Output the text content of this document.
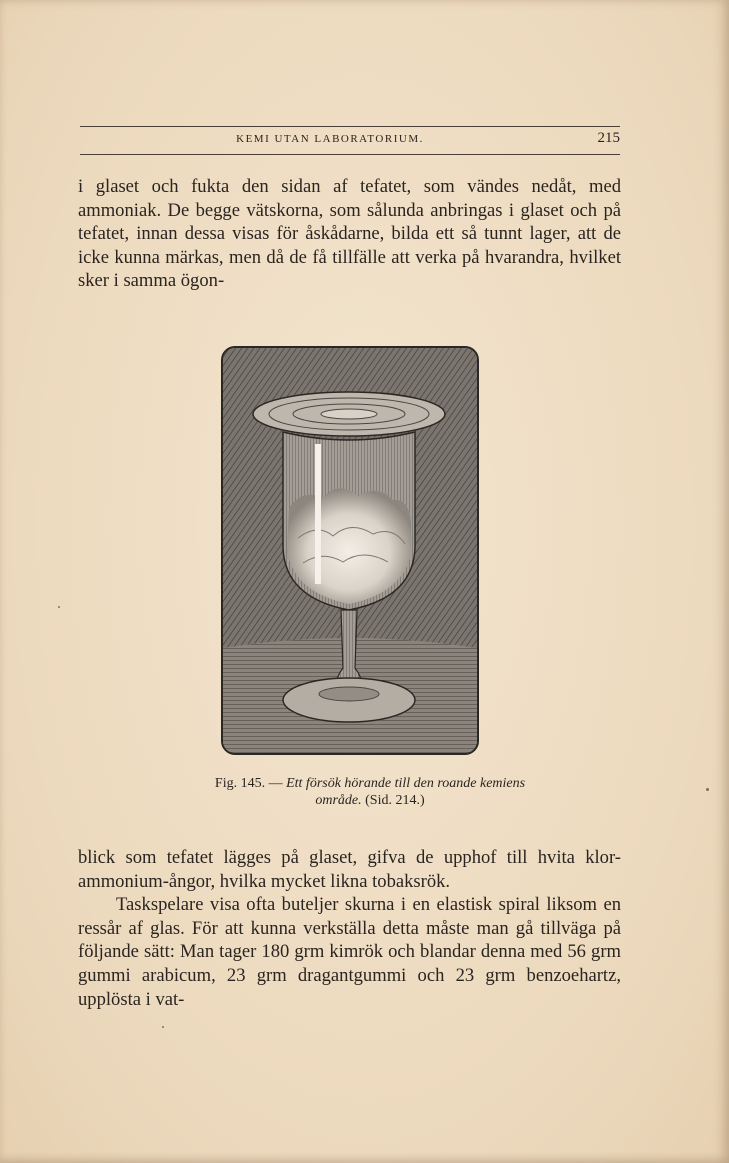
KEMI UTAN LABORATORIUM.	215

i glaset och fukta den sidan af tefatet, som vändes nedåt, med ammoniak. De begge vätskorna, som sålunda anbringas i glaset och på tefatet, innan dessa visas för åskådarne, bilda ett så tunnt lager, att de icke kunna märkas, men då de få tillfälle att verka på hvarandra, hvilket sker i samma ögon-

Fig. 145. — Ett försök hörande till den roande kemiens
område. (Sid. 214.)

blick som tefatet lägges på glaset, gifva de upphof till hvita klor-ammonium-ångor, hvilka mycket likna tobaksrök.

Taskspelare visa ofta buteljer skurna i en elastisk spiral liksom en ressår af glas. För att kunna verkställa detta måste man gå tillväga på följande sätt: Man tager 180 grm kimrök och blandar denna med 56 grm gummi arabicum, 23 grm dragantgummi och 23 grm benzoehartz, upplösta i vat-
